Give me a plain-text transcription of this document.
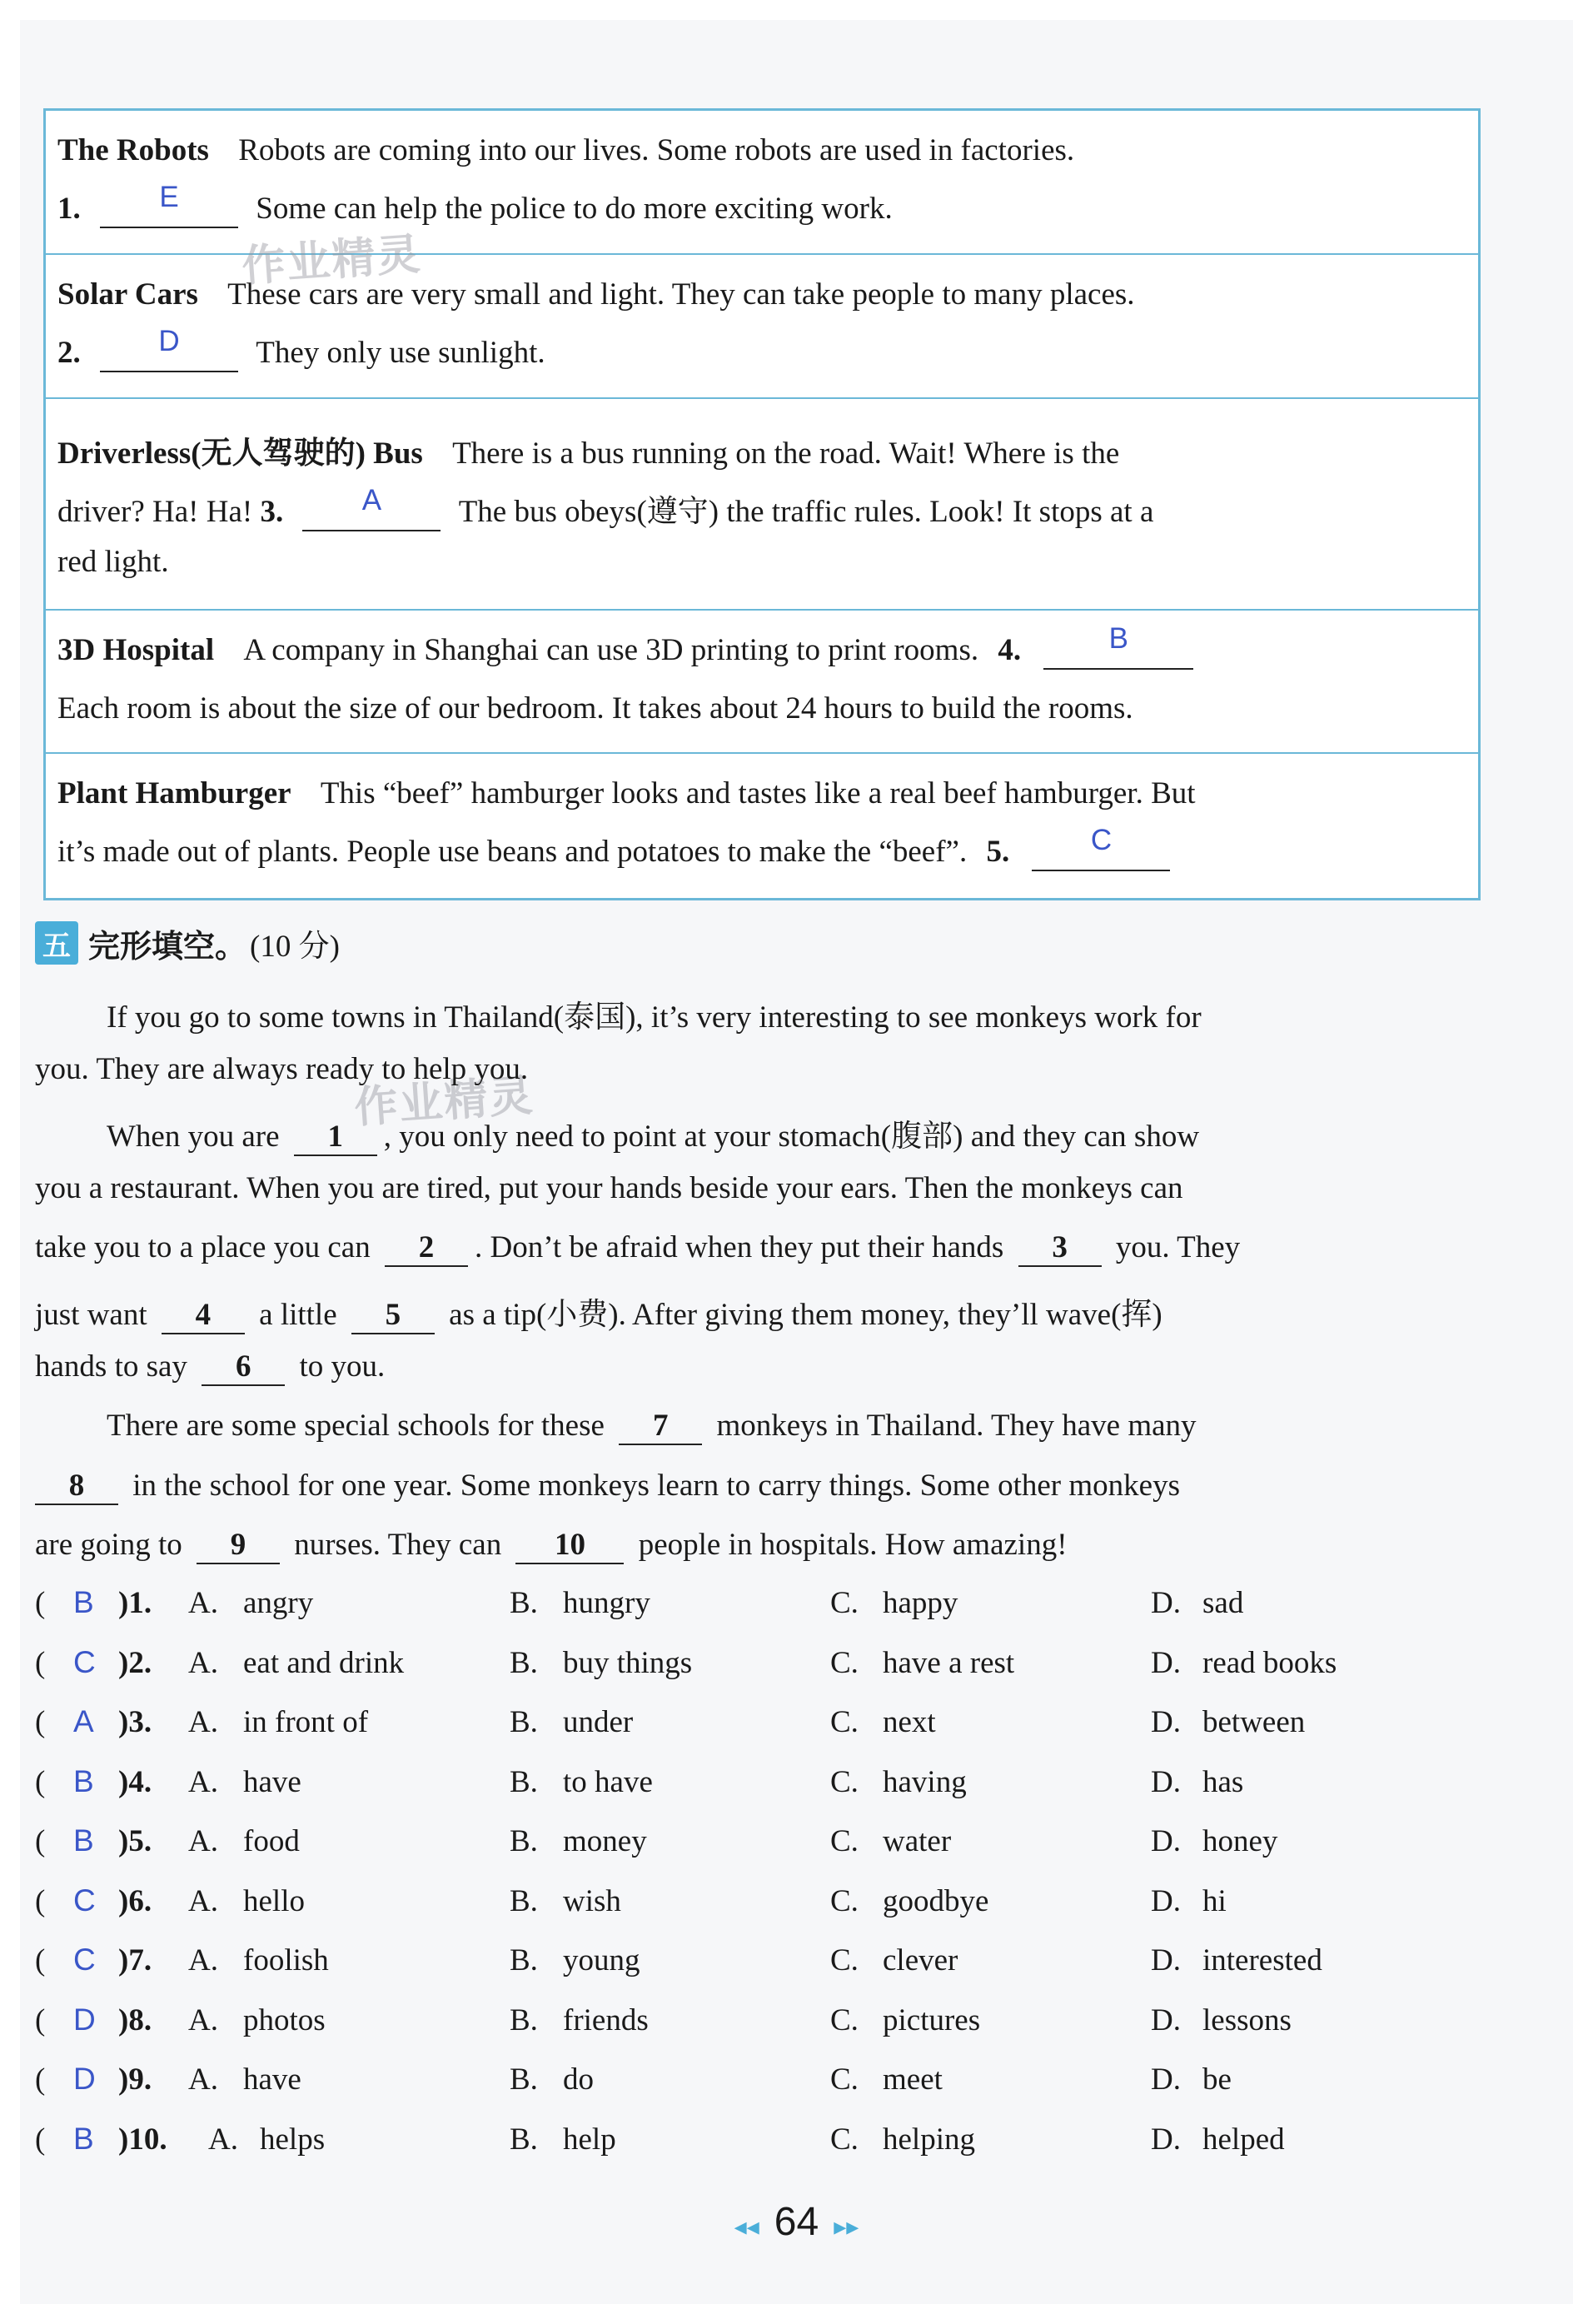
The Robots Robots are coming into our lives. Some robots are used in factories.
1.	E	Some can help the police to do more exciting work.
Solar Cars These cars are very small and light. They can take people to many places.
2.	D They only use sunlight.
Driverless(无人驾驶的) Bus There is a bus running on the road. Wait! Where is the
driver? Ha! Ha! 3.	A	The bus obeys(遵守) the traffic rules. Look! It stops at a
red light.
3D Hospital A company in Shanghai can use 3D printing to print rooms. 4.	B
Each room is about the size of our bedroom. It takes about 24 hours to build the rooms.
Plant Hamburger This “beef” hamburger looks and tastes like a real beef hamburger. But
it’s made out of plants. People use beans and potatoes to make the “beef”. 5.	C
作业精灵
作业精灵
五 完形填空。 (10 分)
If you go to some towns in Thailand(泰国), it’s very interesting to see monkeys work for
you. They are always ready to help you.
When you are 1 , you only need to point at your stomach(腹部) and they can show
you a restaurant. When you are tired, put your hands beside your ears. Then the monkeys can
take you to a place you can 2 . Don’t be afraid when they put their hands 3 you. They
just want 4 a little 5 as a tip(小费). After giving them money, they’ll wave(挥)
hands to say 6 to you.
There are some special schools for these 7 monkeys in Thailand. They have many
8 in the school for one year. Some monkeys learn to carry things. Some other monkeys
are going to 9 nurses. They can 10 people in hospitals. How amazing!
( B )1. A. angry	B. hungry	C. happy	D. sad
( C )2. A. eat and drink	B. buy things	C. have a rest	D. read books
( A )3. A. in front of	B. under	C. next	D. between
( B )4. A. have	B. to have	C. having	D. has
( B )5. A. food	B. money	C. water	D. honey
( C )6. A. hello	B. wish	C. goodbye	D. hi
( C )7. A. foolish	B. young	C. clever	D. interested
( D )8. A. photos	B. friends	C. pictures	D. lessons
( D )9. A. have	B. do	C. meet	D. be
( B )10. A. helps	B. help	C. helping	D. helped
◂◂ 64 ▸▸
